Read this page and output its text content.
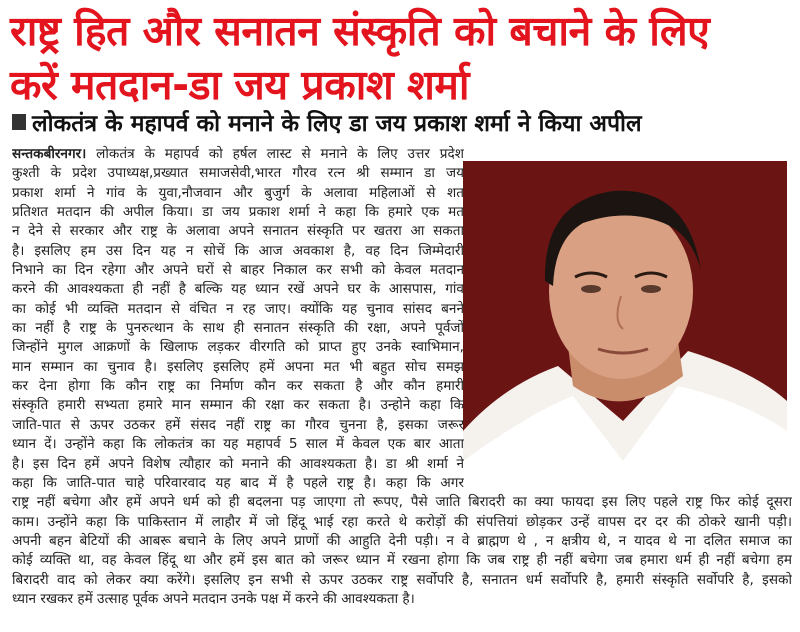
राष्ट्र हित और सनातन संस्कृति को बचाने के लिए
करें मतदान-डा जय प्रकाश शर्मा
लोकतंत्र के महापर्व को मनाने के लिए डा जय प्रकाश शर्मा ने किया अपील
सन्तकबीरनगर। लोकतंत्र के महापर्व को हर्षल लास्ट से मनाने के लिए उत्तर प्रदेश
कुश्ती के प्रदेश उपाध्यक्ष,प्रख्यात समाजसेवी,भारत गौरव रत्न श्री सम्मान डा जय
प्रकाश शर्मा ने गांव के युवा,नौजवान और बुजुर्ग के अलावा महिलाओं से शत
प्रतिशत मतदान की अपील किया। डा जय प्रकाश शर्मा ने कहा कि हमारे एक मत
न देने से सरकार और राष्ट्र के अलावा अपने सनातन संस्कृति पर खतरा आ सकता
है। इसलिए हम उस दिन यह न सोचें कि आज अवकाश है, वह दिन जिम्मेदारी
निभाने का दिन रहेगा और अपने घरों से बाहर निकाल कर सभी को केवल मतदान
करने की आवश्यकता ही नहीं है बल्कि यह ध्यान रखें अपने घर के आसपास, गांव
का कोई भी व्यक्ति मतदान से वंचित न रह जाए। क्योंकि यह चुनाव सांसद बनने
का नहीं है राष्ट्र के पुनरुत्थान के साथ ही सनातन संस्कृति की रक्षा, अपने पूर्वजों
जिन्होंने मुगल आक्रणों के खिलाफ लड़कर वीरगति को प्राप्त हुए उनके स्वाभिमान,
मान सम्मान का चुनाव है। इसलिए इसलिए हमें अपना मत भी बहुत सोच समझ
कर देना होगा कि कौन राष्ट्र का निर्माण कौन कर सकता है और कौन हमारी
संस्कृति हमारी सभ्यता हमारे मान सम्मान की रक्षा कर सकता है। उन्होने कहा कि
जाति-पात से ऊपर उठकर हमें संसद नहीं राष्ट्र का गौरव चुनना है, इसका जरूर
ध्यान दें। उन्होंने कहा कि लोकतंत्र का यह महापर्व 5 साल में केवल एक बार आता
है। इस दिन हमें अपने विशेष त्यौहार को मनाने की आवश्यकता है। डा श्री शर्मा ने
कहा कि जाति-पात चाहे परिवारवाद यह बाद में है पहले राष्ट्र है। कहा कि अगर
राष्ट्र नहीं बचेगा और हमें अपने धर्म को ही बदलना पड़ जाएगा तो रूपए, पैसे जाति बिरादरी का क्या फायदा इस लिए पहले राष्ट्र फिर कोई दूसरा
काम। उन्होंने कहा कि पाकिस्तान में लाहौर में जो हिंदू भाई रहा करते थे करोड़ों की संपत्तियां छोड़कर उन्हें वापस दर दर की ठोकरे खानी पड़ी।
अपनी बहन बेटियों की आबरू बचाने के लिए अपने प्राणों की आहुति देनी पड़ी। न वे ब्राह्मण थे , न क्षत्रीय थे, न यादव थे ना दलित समाज का
कोई व्यक्ति था, वह केवल हिंदू था और हमें इस बात को जरूर ध्यान में रखना होगा कि जब राष्ट्र ही नहीं बचेगा जब हमारा धर्म ही नहीं बचेगा हम
बिरादरी वाद को लेकर क्या करेंगे। इसलिए इन सभी से ऊपर उठकर राष्ट्र सर्वोपरि है, सनातन धर्म सर्वोपरि है, हमारी संस्कृति सर्वोपरि है, इसको
ध्यान रखकर हमें उत्साह पूर्वक अपने मतदान उनके पक्ष में करने की आवश्यकता है।
